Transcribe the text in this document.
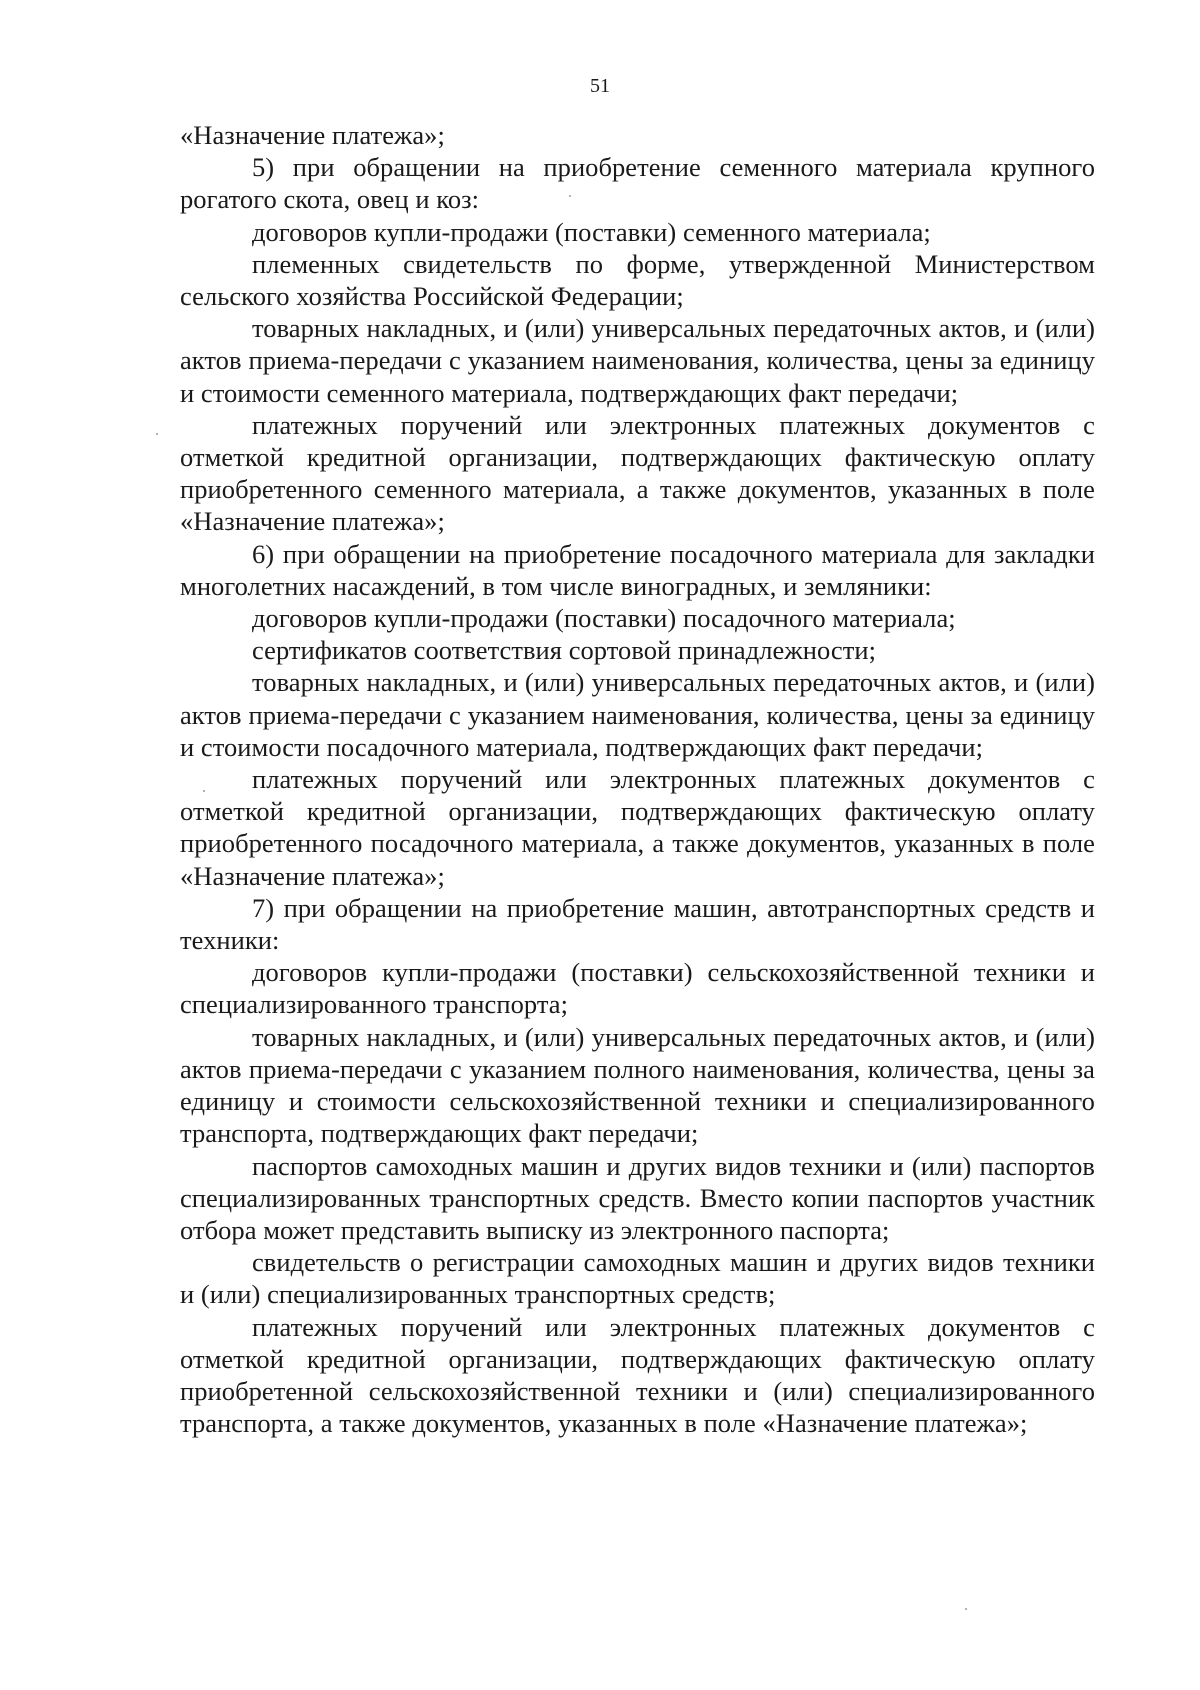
51

«Назначение платежа»;

5) при обращении на приобретение семенного материала крупного рогатого скота, овец и коз:

договоров купли-продажи (поставки) семенного материала;

племенных свидетельств по форме, утвержденной Министерством сельского хозяйства Российской Федерации;

товарных накладных, и (или) универсальных передаточных актов, и (или) актов приема-передачи с указанием наименования, количества, цены за единицу и стоимости семенного материала, подтверждающих факт передачи;

платежных поручений или электронных платежных документов с отметкой кредитной организации, подтверждающих фактическую оплату приобретенного семенного материала, а также документов, указанных в поле «Назначение платежа»;

6) при обращении на приобретение посадочного материала для закладки многолетних насаждений, в том числе виноградных, и земляники:

договоров купли-продажи (поставки) посадочного материала;

сертификатов соответствия сортовой принадлежности;

товарных накладных, и (или) универсальных передаточных актов, и (или) актов приема-передачи с указанием наименования, количества, цены за единицу и стоимости посадочного материала, подтверждающих факт передачи;

платежных поручений или электронных платежных документов с отметкой кредитной организации, подтверждающих фактическую оплату приобретенного посадочного материала, а также документов, указанных в поле «Назначение платежа»;

7) при обращении на приобретение машин, автотранспортных средств и техники:

договоров купли-продажи (поставки) сельскохозяйственной техники и специализированного транспорта;

товарных накладных, и (или) универсальных передаточных актов, и (или) актов приема-передачи с указанием полного наименования, количества, цены за единицу и стоимости сельскохозяйственной техники и специализированного транспорта, подтверждающих факт передачи;

паспортов самоходных машин и других видов техники и (или) паспортов специализированных транспортных средств. Вместо копии паспортов участник отбора может представить выписку из электронного паспорта;

свидетельств о регистрации самоходных машин и других видов техники и (или) специализированных транспортных средств;

платежных поручений или электронных платежных документов с отметкой кредитной организации, подтверждающих фактическую оплату приобретенной сельскохозяйственной техники и (или) специализированного транспорта, а также документов, указанных в поле «Назначение платежа»;
